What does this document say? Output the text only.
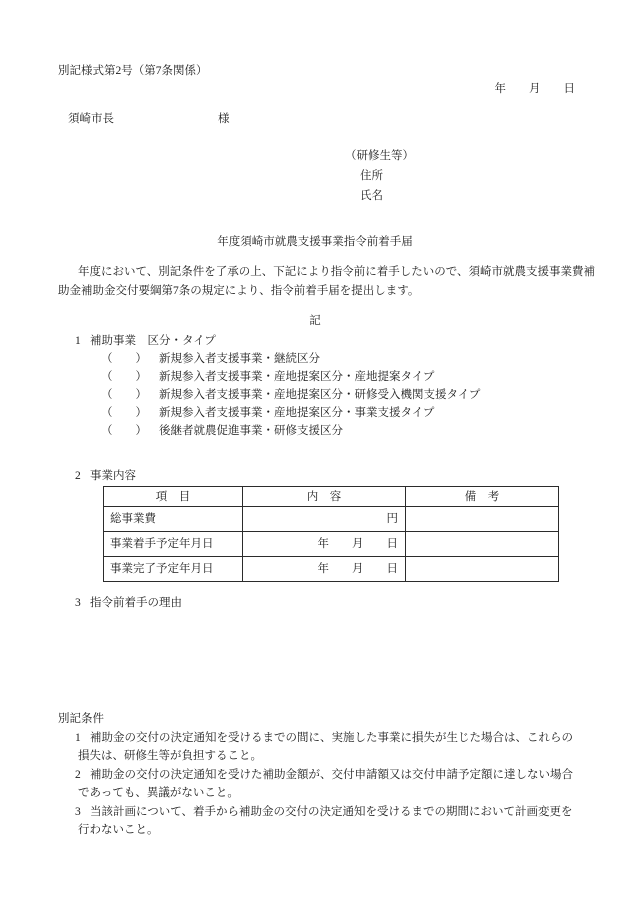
別記様式第2号（第7条関係）
年　　月　　日
須崎市長	様
（研修生等）
住所
氏名
年度須崎市就農支援事業指令前着手届
年度において、別記条件を了承の上、下記により指令前に着手したいので、須崎市就農支援事業費補
助金補助金交付要綱第7条の規定により、指令前着手届を提出します。
記
1 補助事業　区分・タイプ
（　　） 新規参入者支援事業・継続区分
（　　） 新規参入者支援事業・産地提案区分・産地提案タイプ
（　　） 新規参入者支援事業・産地提案区分・研修受入機関支援タイプ
（　　） 新規参入者支援事業・産地提案区分・事業支援タイプ
（　　） 後継者就農促進事業・研修支援区分
2 事業内容
項　目	内　容	備　考
総事業費	円	
事業着手予定年月日	年　　月　　日	
事業完了予定年月日	年　　月　　日	
3 指令前着手の理由
別記条件
1 補助金の交付の決定通知を受けるまでの間に、実施した事業に損失が生じた場合は、これらの
損失は、研修生等が負担すること。
2 補助金の交付の決定通知を受けた補助金額が、交付申請額又は交付申請予定額に達しない場合
であっても、異議がないこと。
3 当該計画について、着手から補助金の交付の決定通知を受けるまでの期間において計画変更を
行わないこと。
